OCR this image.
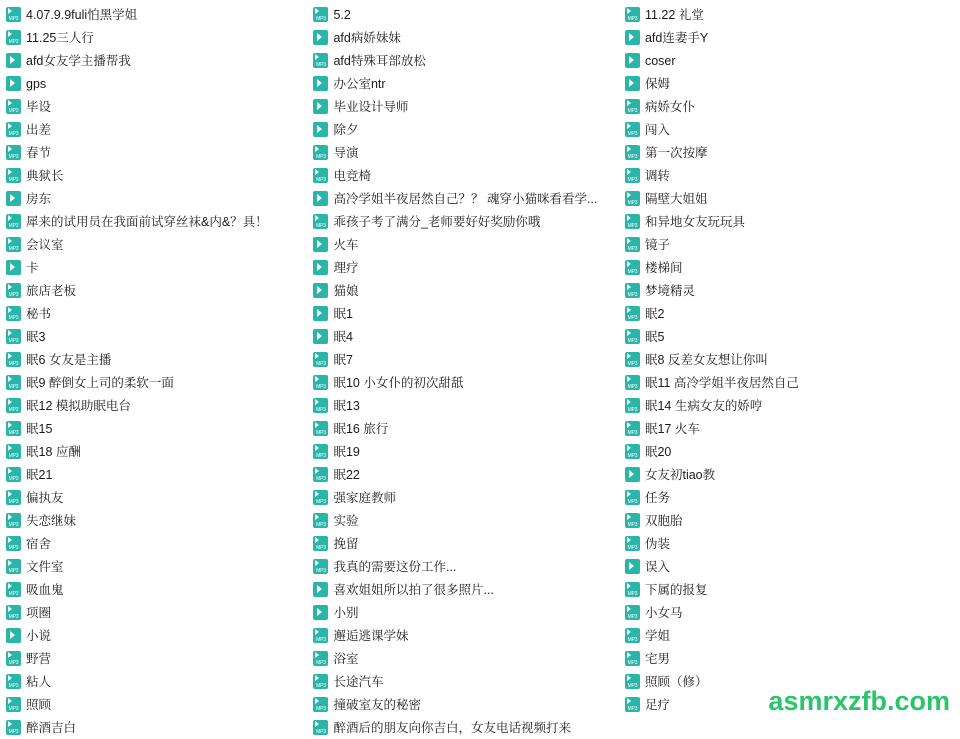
MP3 4.07.9.9fuli怕黑学姐
MP3 11.25三人行
afd女友学主播帮我
gps
MP3 毕设
MP3 出差
MP3 春节
MP3 典狱长
房东
MP3 犀来的试用员在我面前试穿丝袜&内&？具！
MP3 会议室
卡
MP3 旅店老板
MP3 秘书
MP3 眠3
MP3 眠6 女友是主播
MP3 眠9 醉倒女上司的柔软一面
MP3 眠12 模拟助眠电台
MP3 眠15
MP3 眠18 应酬
MP3 眠21
MP3 偏执友
MP3 失恋继妹
MP3 宿舍
MP3 文件室
MP3 吸血鬼
MP3 项圈
小说
MP3 野营
MP3 粘人
MP3 照顾
MP3 醉酒吉白
MP3 5.2
afd病娇妹妹
MP3 afd特殊耳部放松
办公室ntr
毕业设计导师
除夕
MP3 导演
MP3 电竞椅
高冷学姐半夜居然自己？？ 魂穿小猫咪看看学...
MP3 乖孩子考了满分_老师要好好奖励你哦
火车
理疗
猫娘
眠1
眠4
MP3 眠7
MP3 眠10 小女仆的初次甜舐
MP3 眠13
MP3 眠16 旅行
MP3 眠19
MP3 眠22
MP3 强家庭教师
MP3 实验
MP3 挽留
MP3 我真的需要这份工作...
喜欢姐姐所以拍了很多照片...
小别
MP3 邂逅逃课学妹
MP3 浴室
MP3 长途汽车
MP3 撞破室友的秘密
MP3 醉酒后的朋友向你吉白，女友电话视频打来
MP3 11.22 礼堂
afd连妻手Y
coser
保姆
MP3 病娇女仆
MP3 闯入
MP3 第一次按摩
MP3 调转
MP3 隔壁大姐姐
MP3 和异地女友玩玩具
MP3 镜子
MP3 楼梯间
MP3 梦境精灵
MP3 眠2
MP3 眠5
MP3 眠8 反差女友想让你叫
MP3 眠11 高冷学姐半夜居然自己
MP3 眠14 生病女友的娇哼
MP3 眠17 火车
MP3 眠20
女友初tiao教
MP3 任务
MP3 双胞胎
MP3 伪装
误入
MP3 下属的报复
MP3 小女马
MP3 学姐
MP3 宅男
MP3 照顾（修）
MP3 足疗	asmrxzfb.com
